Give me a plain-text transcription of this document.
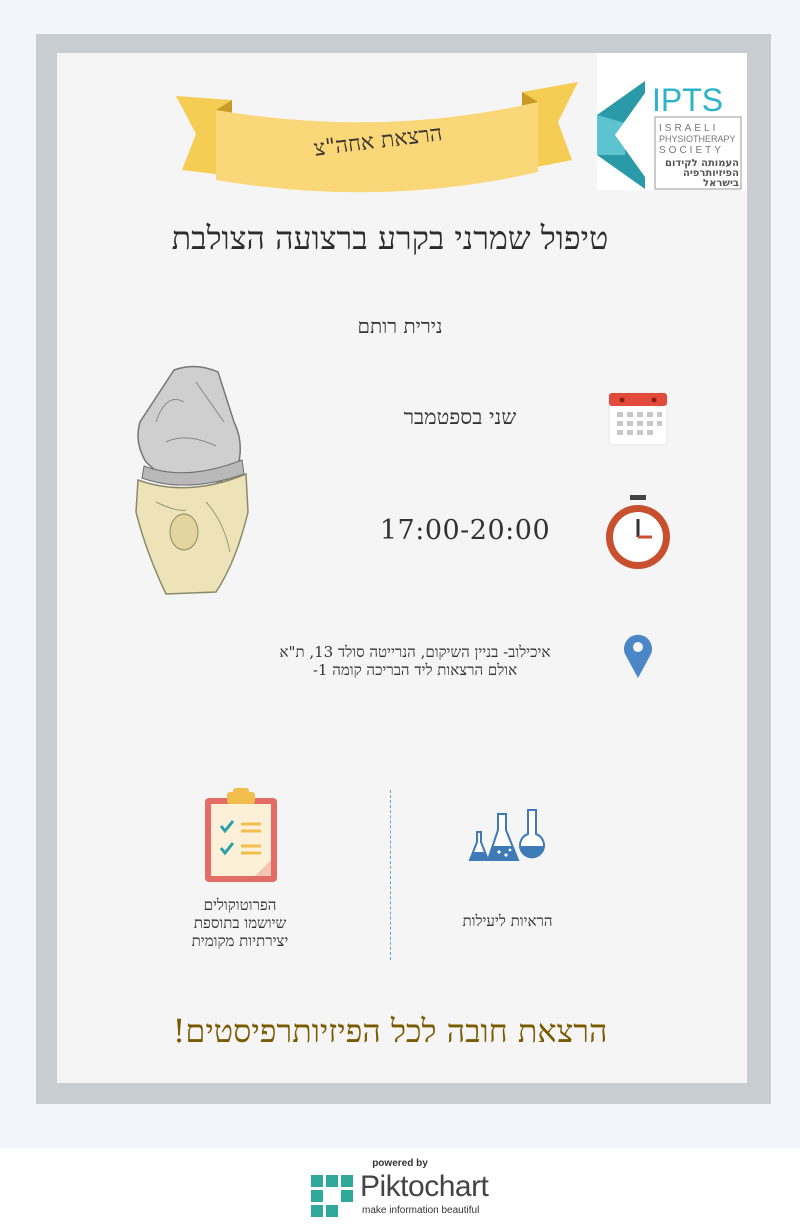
הרצאת אחה"צ
IPTS
ISRAELI
PHYSIOTHERAPY
SOCIETY
העמותה לקידום
הפיזיותרפיה
בישראל
טיפול שמרני בקרע ברצועה הצולבת
נירית רותם
שני בספטמבר
17:00-20:00
איכילוב- בניין השיקום, הנרייטה סולד 13, ת"א
אולם הרצאות ליד הבריכה קומה 1-
הראיות ליעילות
הפרוטוקולים
שיושמו בתוספת
יצירתיות מקומית
הרצאת חובה לכל הפיזיותרפיסטים!
powered by
Piktochart
make information beautiful
